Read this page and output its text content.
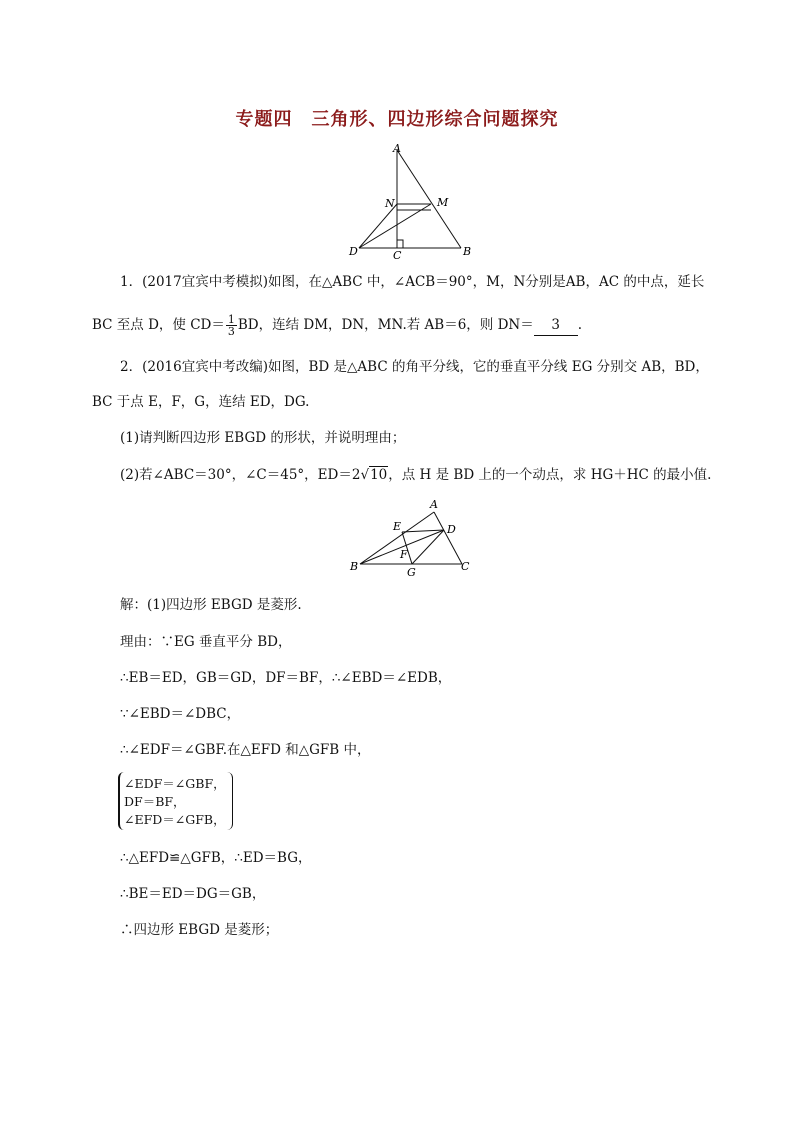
专题四　三角形、四边形综合问题探究
A
N	M
D	C	B
1．(2017宜宾中考模拟)如图，在△ABC 中，∠ACB＝90°，M，N分别是AB，AC 的中点，延长
BC 至点 D，使 $CD= \frac{1}{3}$ BD，连结 DM，DN，MN.若 AB＝6，则 DN＝ 3 .
2．(2016宜宾中考改编)如图，BD 是△ABC 的角平分线，它的垂直平分线 EG 分别交 AB，BD，
BC 于点 E，F，G，连结 ED，DG.
(1)请判断四边形 EBGD 的形状，并说明理由；
(2)若∠ABC＝30°，∠C＝45°，ED＝2√10，点 H 是 BD 上的一个动点，求 HG＋HC 的最小值.
A
E	D
F
B	G	C
解：(1)四边形 EBGD 是菱形.
理由：∵EG 垂直平分 BD，
∴EB＝ED，GB＝GD，DF＝BF，∴∠EBD＝∠EDB，
∵∠EBD＝∠DBC，
∴∠EDF＝∠GBF.在△EFD 和△GFB 中，
∠EDF＝∠GBF，
DF＝BF，
∠EFD＝∠GFB，
∴△EFD≌△GFB，∴ED＝BG，
∴BE＝ED＝DG＝GB，
∴四边形 EBGD 是菱形；
